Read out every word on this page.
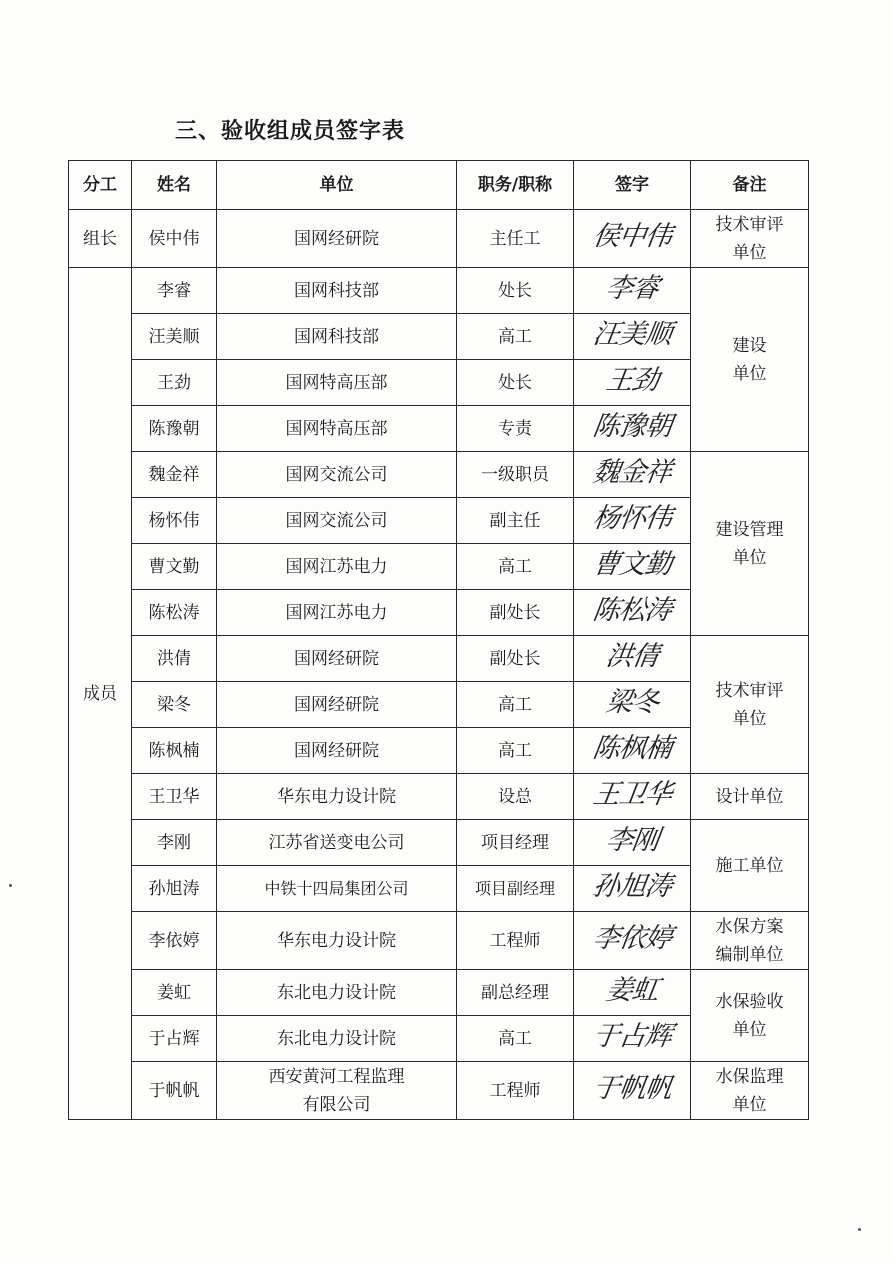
三、验收组成员签字表
分工	姓名	单位	职务/职称	签字	备注
组长	侯中伟	国网经研院	主任工	侯中伟	技术审评单位
成员	李睿	国网科技部	处长	李睿	建设单位
	汪美顺	国网科技部	高工	汪美顺	
	王劲	国网特高压部	处长	王劲	
	陈豫朝	国网特高压部	专责	陈豫朝	
	魏金祥	国网交流公司	一级职员	魏金祥	建设管理单位
	杨怀伟	国网交流公司	副主任	杨怀伟	
	曹文勤	国网江苏电力	高工	曹文勤	
	陈松涛	国网江苏电力	副处长	陈松涛	
	洪倩	国网经研院	副处长	洪倩	技术审评单位
	梁冬	国网经研院	高工	梁冬	
	陈枫楠	国网经研院	高工	陈枫楠	
	王卫华	华东电力设计院	设总	王卫华	设计单位
	李刚	江苏省送变电公司	项目经理	李刚	施工单位
	孙旭涛	中铁十四局集团公司	项目副经理	孙旭涛	
	李依婷	华东电力设计院	工程师	李依婷	水保方案编制单位
	姜虹	东北电力设计院	副总经理	姜虹	水保验收单位
	于占辉	东北电力设计院	高工	于占辉	
	于帆帆	西安黄河工程监理
有限公司	工程师	于帆帆	水保监理单位
